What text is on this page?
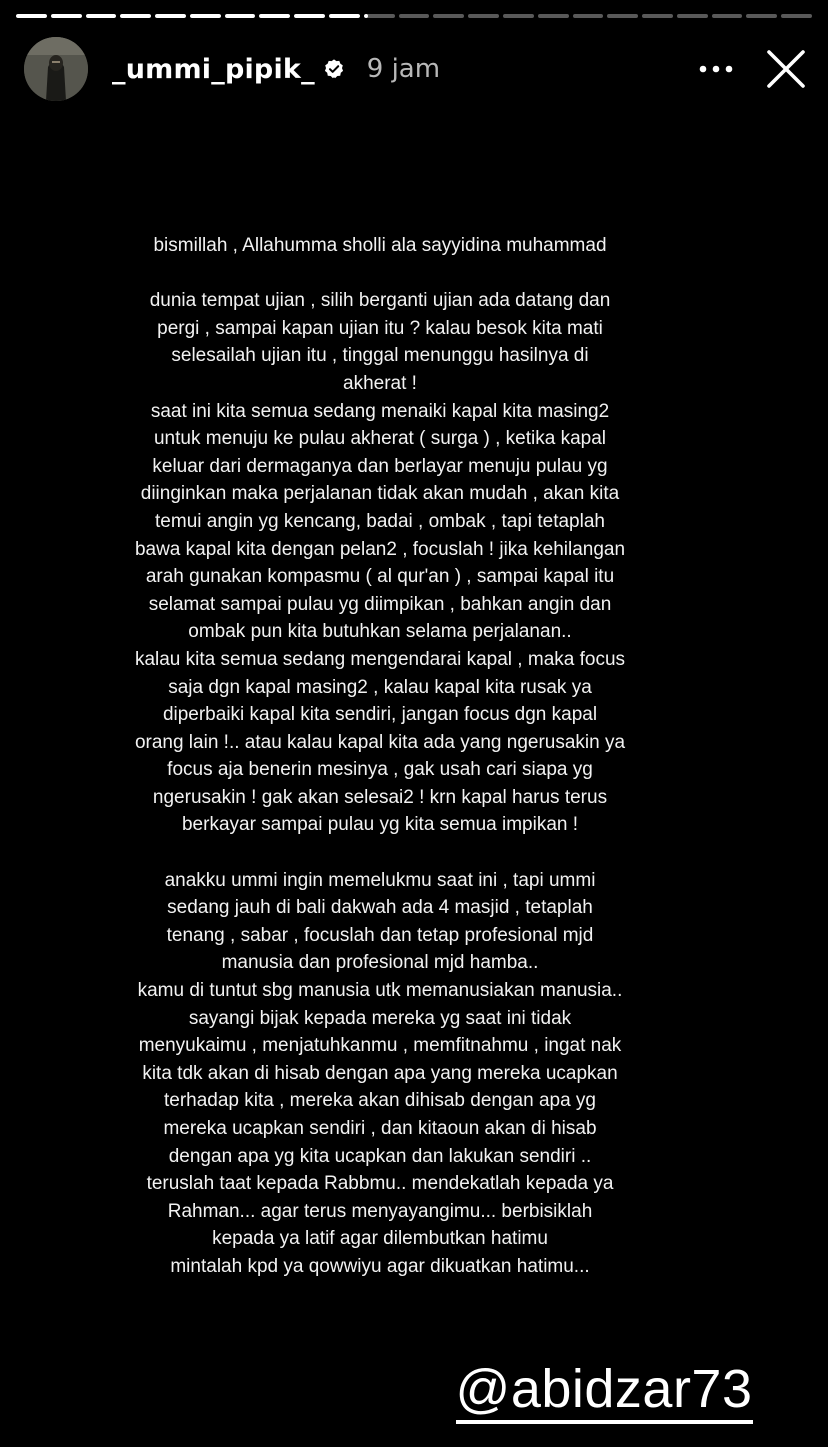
_ummi_pipik_ 9 jam
bismillah , Allahumma sholli ala sayyidina muhammad
dunia tempat ujian , silih berganti ujian ada datang dan
pergi , sampai kapan ujian itu ? kalau besok kita mati
selesailah ujian itu , tinggal menunggu hasilnya di
akherat !
saat ini kita semua sedang menaiki kapal kita masing2
untuk menuju ke pulau akherat ( surga ) , ketika kapal
keluar dari dermaganya dan berlayar menuju pulau yg
diinginkan maka perjalanan tidak akan mudah , akan kita
temui angin yg kencang, badai , ombak , tapi tetaplah
bawa kapal kita dengan pelan2 , focuslah ! jika kehilangan
arah gunakan kompasmu ( al qur'an ) , sampai kapal itu
selamat sampai pulau yg diimpikan , bahkan angin dan
ombak pun kita butuhkan selama perjalanan..
kalau kita semua sedang mengendarai kapal , maka focus
saja dgn kapal masing2 , kalau kapal kita rusak ya
diperbaiki kapal kita sendiri, jangan focus dgn kapal
orang lain !.. atau kalau kapal kita ada yang ngerusakin ya
focus aja benerin mesinya , gak usah cari siapa yg
ngerusakin ! gak akan selesai2 ! krn kapal harus terus
berkayar sampai pulau yg kita semua impikan !
anakku ummi ingin memelukmu saat ini , tapi ummi
sedang jauh di bali dakwah ada 4 masjid , tetaplah
tenang , sabar , focuslah dan tetap profesional mjd
manusia dan profesional mjd hamba..
kamu di tuntut sbg manusia utk memanusiakan manusia..
sayangi bijak kepada mereka yg saat ini tidak
menyukaimu , menjatuhkanmu , memfitnahmu , ingat nak
kita tdk akan di hisab dengan apa yang mereka ucapkan
terhadap kita , mereka akan dihisab dengan apa yg
mereka ucapkan sendiri , dan kitaoun akan di hisab
dengan apa yg kita ucapkan dan lakukan sendiri ..
teruslah taat kepada Rabbmu.. mendekatlah kepada ya
Rahman... agar terus menyayangimu... berbisiklah
kepada ya latif agar dilembutkan hatimu
mintalah kpd ya qowwiyu agar dikuatkan hatimu...
@abidzar73
